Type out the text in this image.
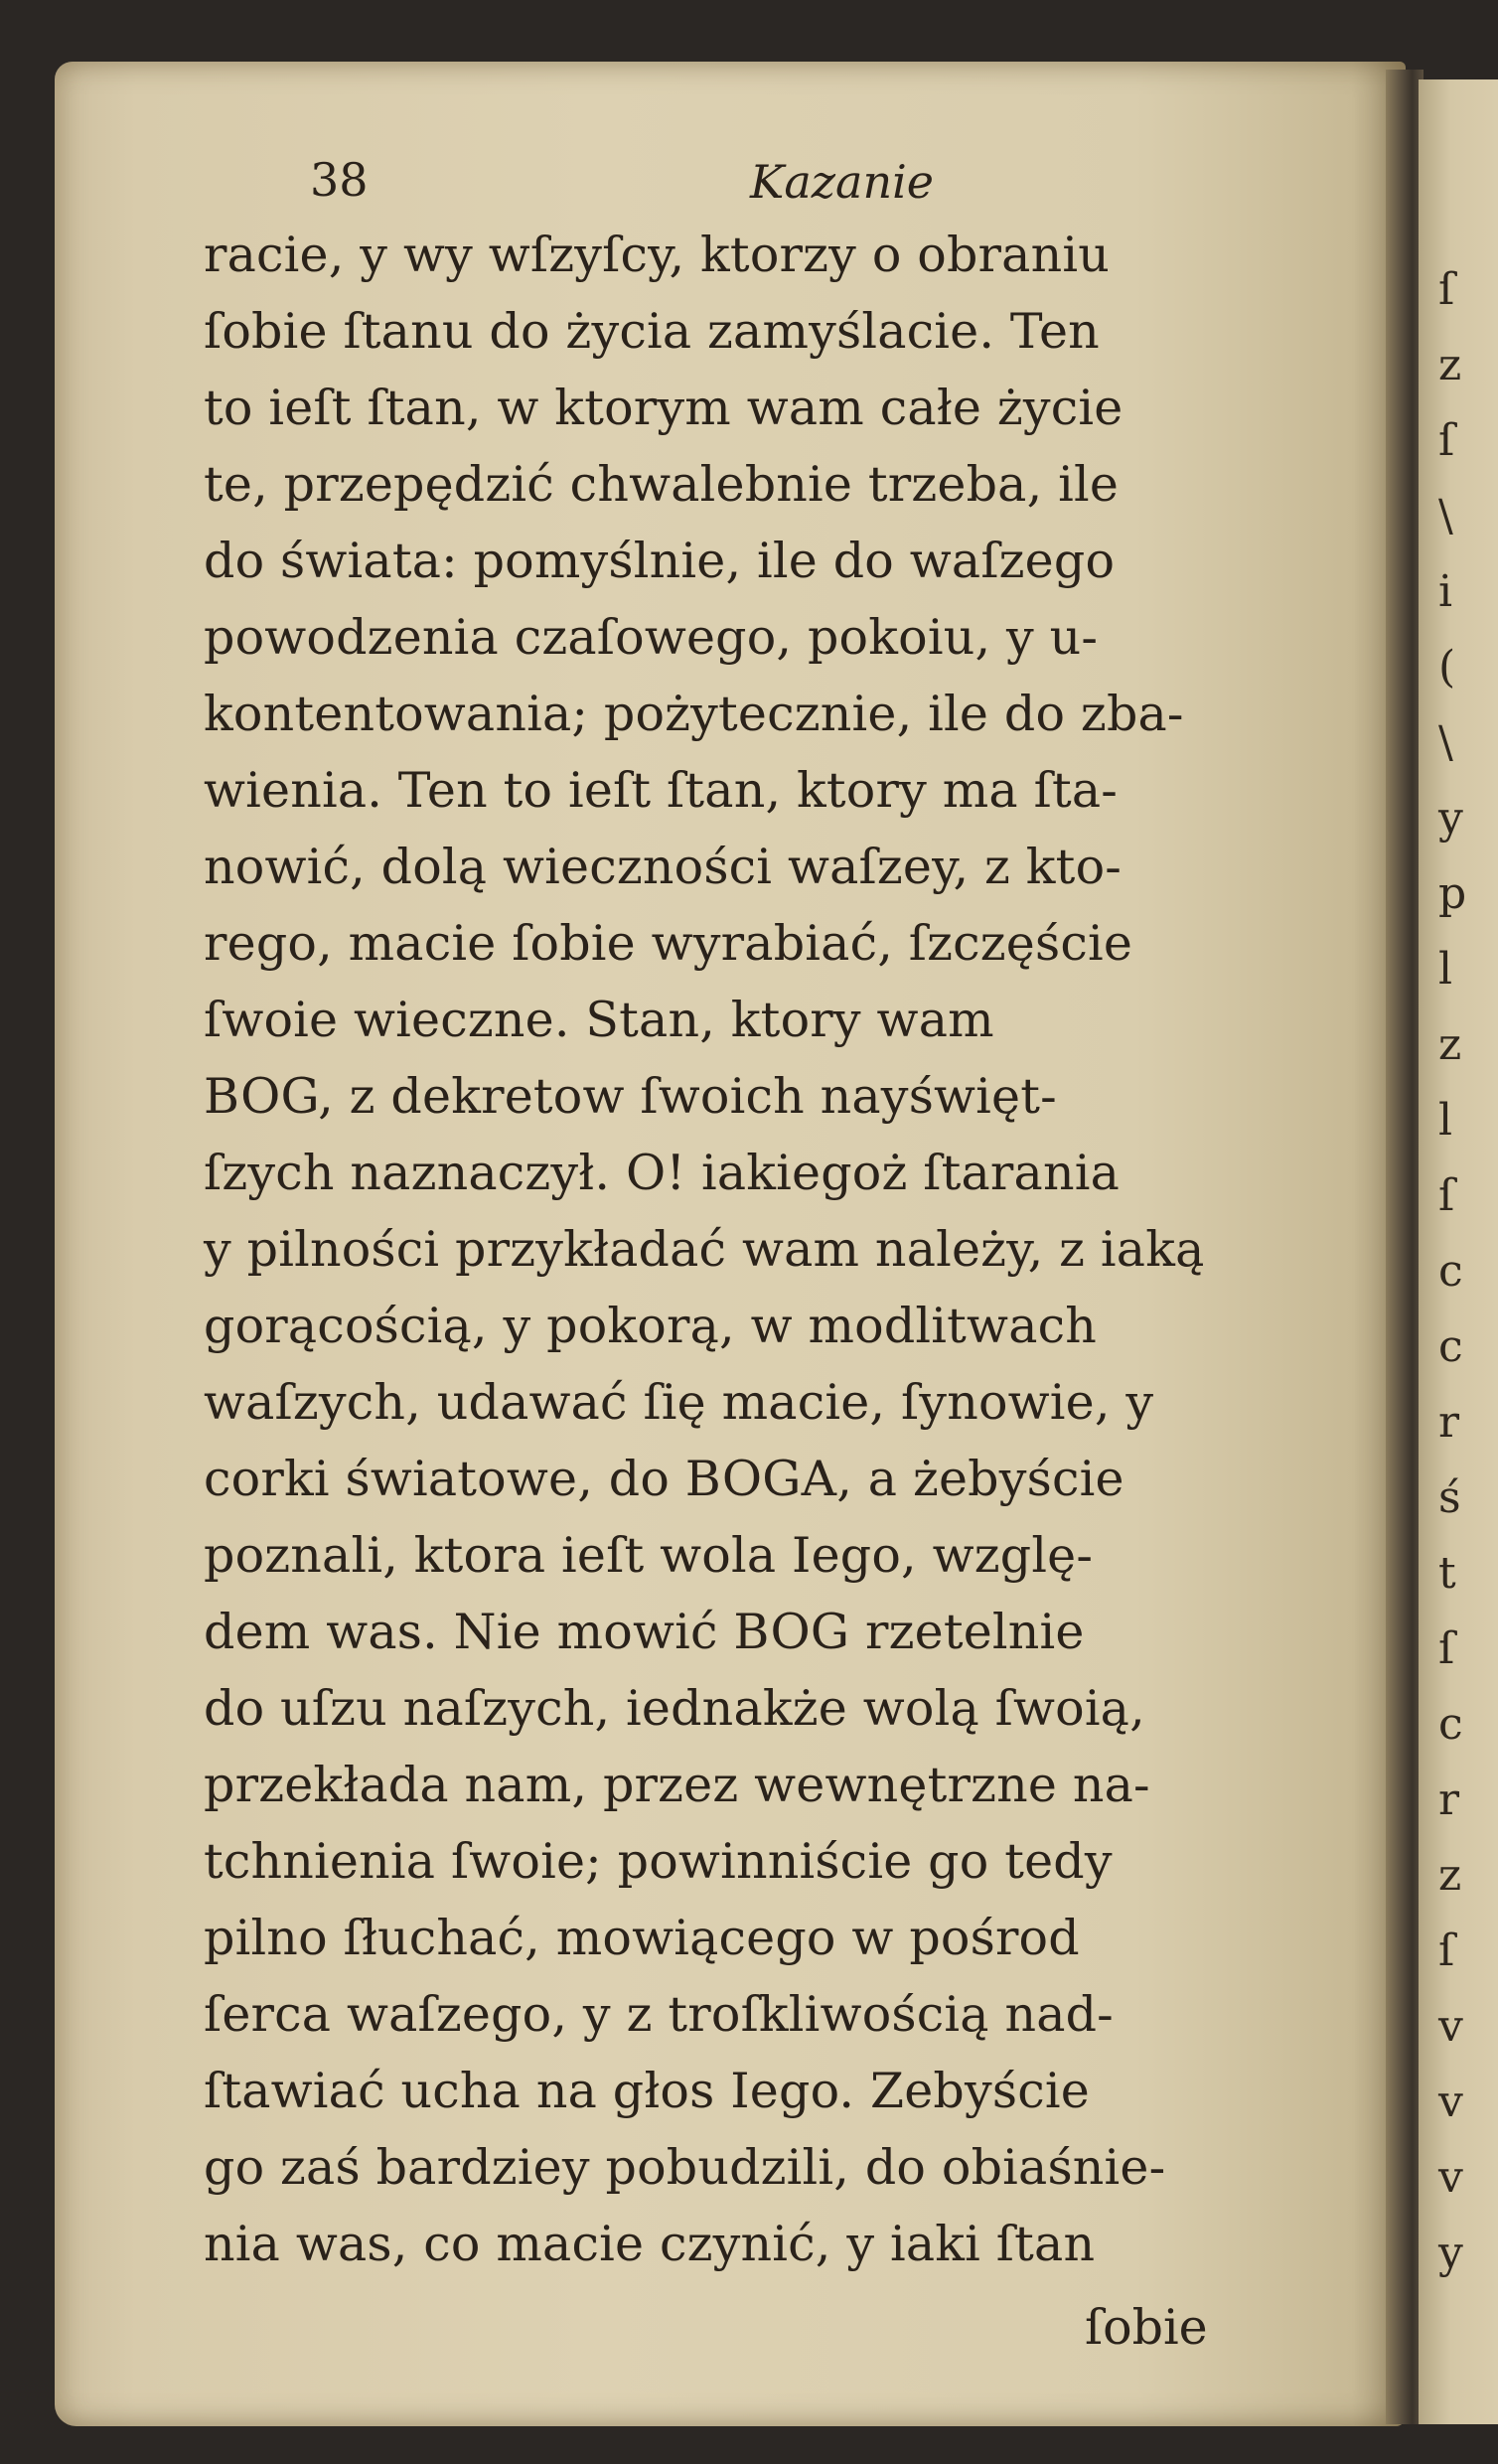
38	Kazanie

racie, y wy wſzyſcy, ktorzy o obraniu

ſobie ſtanu do życia zamyślacie. Ten

to ieſt ſtan, w ktorym wam całe życie

te, przepędzić chwalebnie trzeba, ile

do świata: pomyślnie, ile do waſzego

powodzenia czaſowego, pokoiu, y u-

kontentowania; pożytecznie, ile do zba-

wienia. Ten to ieſt ſtan, ktory ma ſta-

nowić, dolą wieczności waſzey, z kto-

rego, macie ſobie wyrabiać, ſzczęście

ſwoie wieczne. Stan, ktory wam

BOG, z dekretow ſwoich nayświęt-

ſzych naznaczył. O! iakiegoż ſtarania

y pilności przykładać wam należy, z iaką

gorącością, y pokorą, w modlitwach

waſzych, udawać ſię macie, ſynowie, y

corki światowe, do BOGA, a żebyście

poznali, ktora ieſt wola Iego, wzglę-

dem was. Nie mowić BOG rzetelnie

do uſzu naſzych, iednakże wolą ſwoią,

przekłada nam, przez wewnętrzne na-

tchnienia ſwoie; powinniście go tedy

pilno ſłuchać, mowiącego w pośrod

ſerca waſzego, y z troſkliwością nad-

ſtawiać ucha na głos Iego. Zebyście

go zaś bardziey pobudzili, do obiaśnie-

nia was, co macie czynić, y iaki ſtan

ſobie

ſ
z
ſ
\
i
(
\
y
p
l
z
l
ſ
c
c
r
ś
t
ſ
c
r
z
ſ
v
v
v
y
